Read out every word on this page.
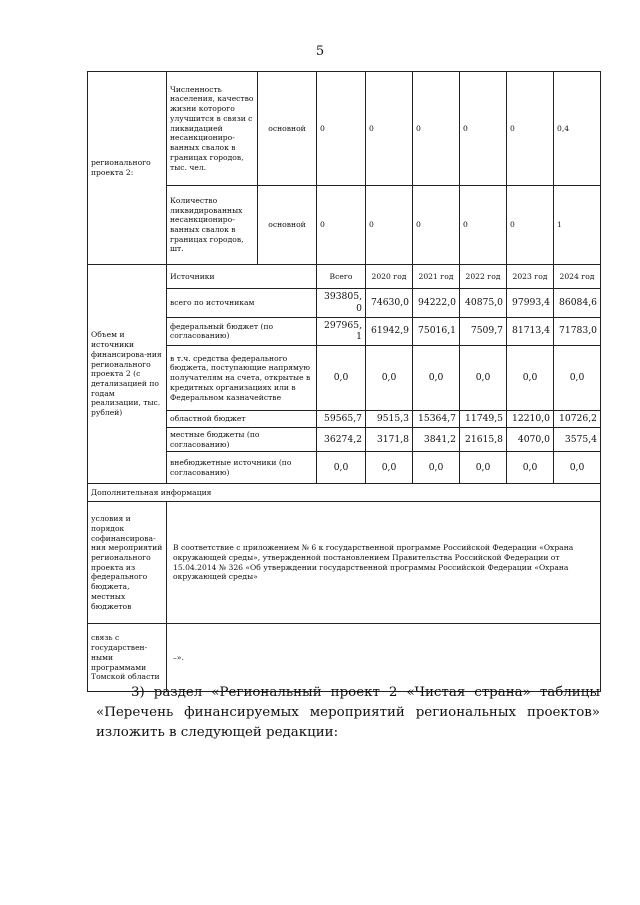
5
регионального проекта 2:	Численность населения, качество жизни которого улучшится в связи с ликвидацией несанкциониро-ванных свалок в границах городов, тыс. чел.	основной	0	0	0	0	0	0,4
	Количество ликвидированных несанкциониро-ванных свалок в границах городов, шт.	основной	0	0	0	0	0	1
Объем и источники финансирова-ния регионального проекта 2 (с детализацией по годам реализации, тыс. рублей)	Источники		Всего	2020 год	2021 год	2022 год	2023 год	2024 год
	всего по источникам		393805,0	74630,0	94222,0	40875,0	97993,4	86084,6
	федеральный бюджет (по согласованию)		297965,1	61942,9	75016,1	7509,7	81713,4	71783,0
	в т.ч. средства федерального бюджета, поступающие напрямую получателям на счета, открытые в кредитных организациях или в Федеральном казначействе		0,0	0,0	0,0	0,0	0,0	0,0
	областной бюджет		59565,7	9515,3	15364,7	11749,5	12210,0	10726,2
	местные бюджеты (по согласованию)		36274,2	3171,8	3841,2	21615,8	4070,0	3575,4
	внебюджетные источники (по согласованию)		0,0	0,0	0,0	0,0	0,0	0,0
Дополнительная информация								
условия и порядок софинансирова-ния мероприятий регионального проекта из федерального бюджета, местных бюджетов	В соответствие с приложением № 6 к государственной программе Российской Федерации «Охрана окружающей среды», утвержденной постановлением Правительства Российской Федерации от 15.04.2014 № 326 «Об утверждении государственной программы Российской Федерации «Охрана окружающей среды»							
связь с государствен-ными программами Томской области	–».							
3) раздел «Региональный проект 2 «Чистая страна» таблицы «Перечень финансируемых мероприятий региональных проектов» изложить в следующей редакции:
